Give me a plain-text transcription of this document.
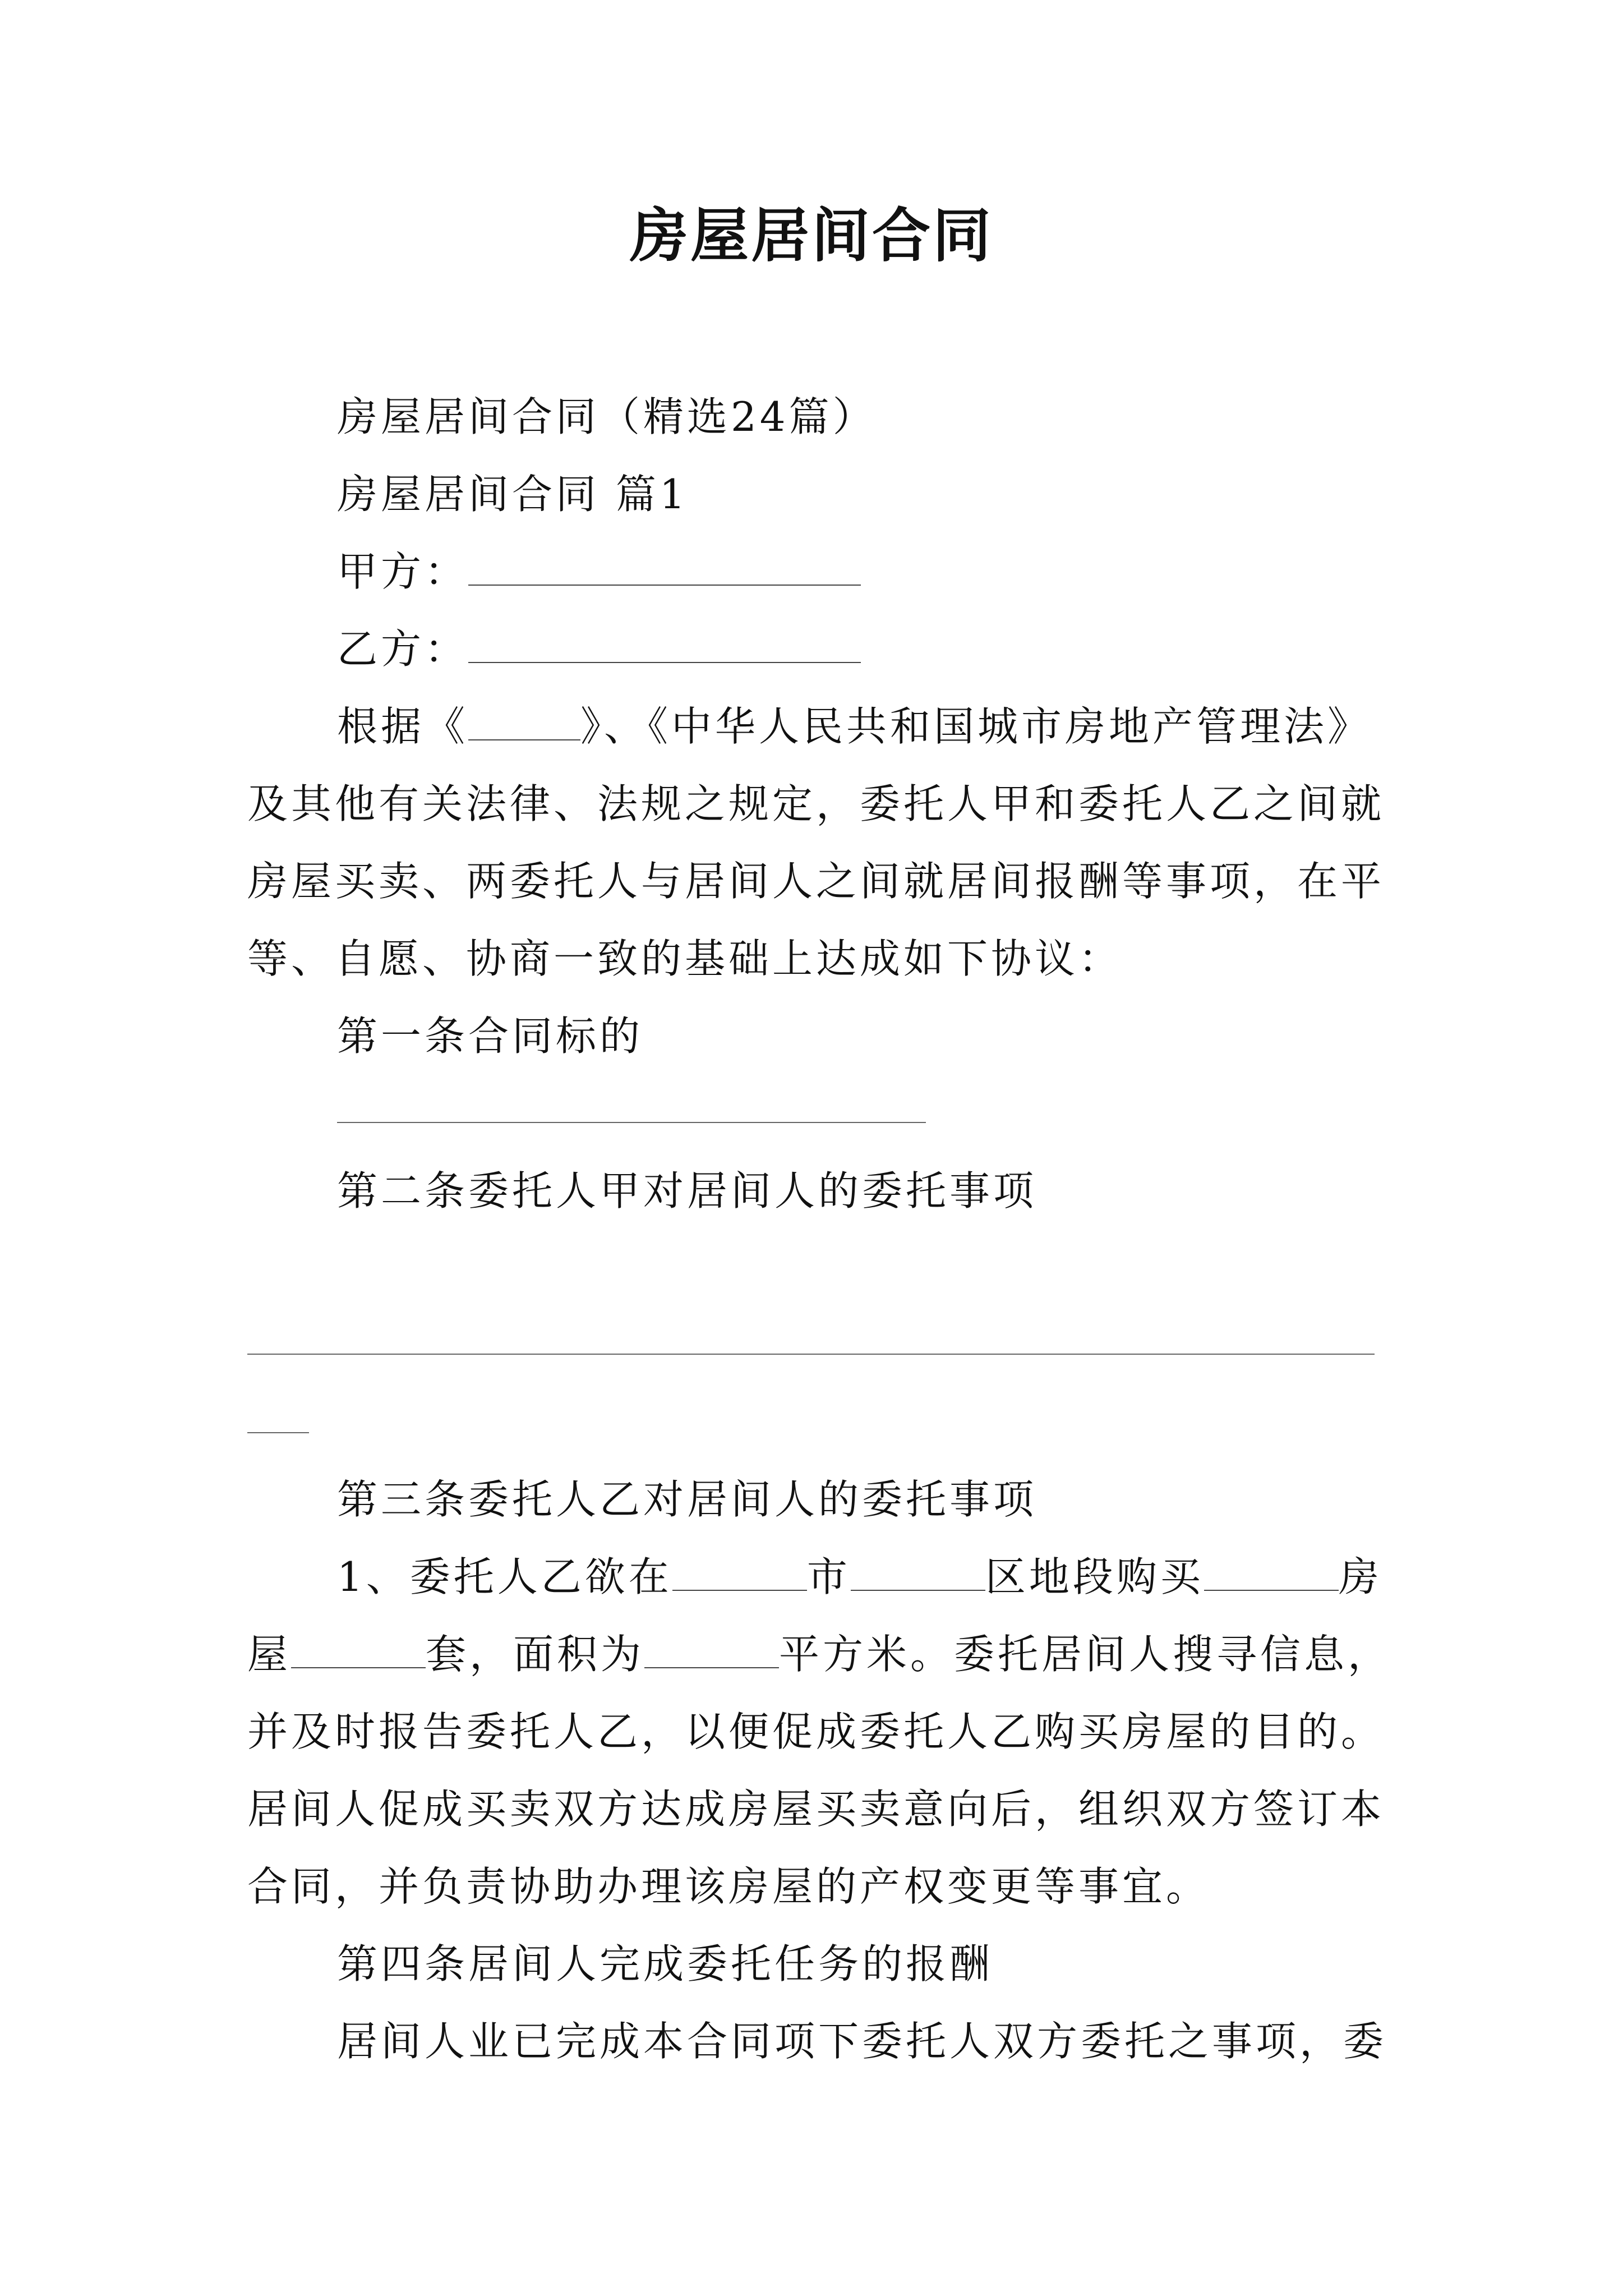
房屋居间合同

房屋居间合同（精选24篇）

房屋居间合同 篇1

甲方：

乙方：

根据《	》、《中华人民共和国城市房地产管理法》

及其他有关法律、法规之规定，委托人甲和委托人乙之间就

房屋买卖、两委托人与居间人之间就居间报酬等事项，在平

等、自愿、协商一致的基础上达成如下协议：

第一条合同标的

第二条委托人甲对居间人的委托事项

第三条委托人乙对居间人的委托事项

1、委托人乙欲在	市	区地段购买	房

屋	套，面积为	平方米。委托居间人搜寻信息，

并及时报告委托人乙，以便促成委托人乙购买房屋的目的。

居间人促成买卖双方达成房屋买卖意向后，组织双方签订本

合同，并负责协助办理该房屋的产权变更等事宜。

第四条居间人完成委托任务的报酬

居间人业已完成本合同项下委托人双方委托之事项，委
